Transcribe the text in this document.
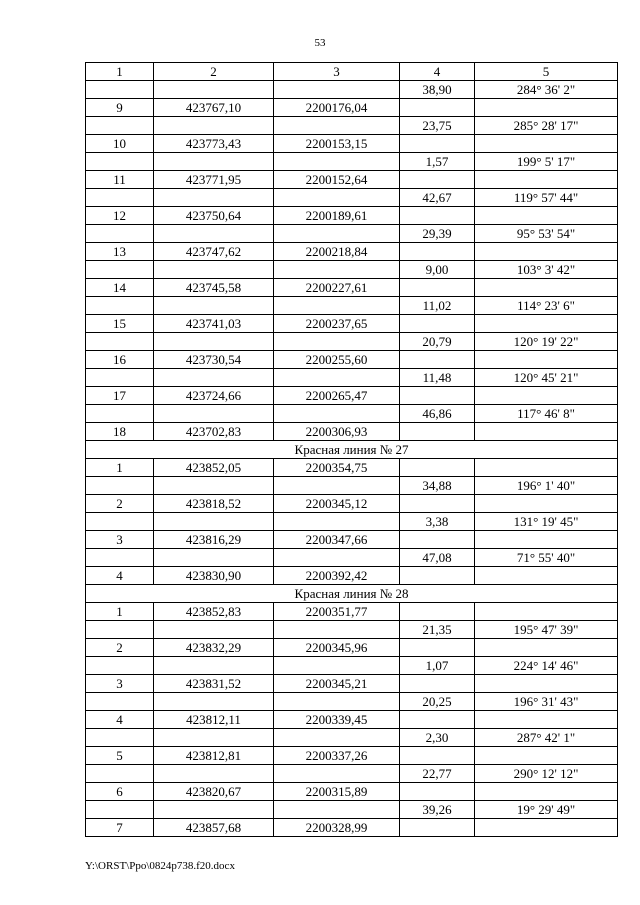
53
1	2	3	4	5
			38,90	284° 36' 2"
9	423767,10	2200176,04		
			23,75	285° 28' 17"
10	423773,43	2200153,15		
			1,57	199° 5' 17"
11	423771,95	2200152,64		
			42,67	119° 57' 44"
12	423750,64	2200189,61		
			29,39	95° 53' 54"
13	423747,62	2200218,84		
			9,00	103° 3' 42"
14	423745,58	2200227,61		
			11,02	114° 23' 6"
15	423741,03	2200237,65		
			20,79	120° 19' 22"
16	423730,54	2200255,60		
			11,48	120° 45' 21"
17	423724,66	2200265,47		
			46,86	117° 46' 8"
18	423702,83	2200306,93		
Красная линия № 27				
1	423852,05	2200354,75		
			34,88	196° 1' 40"
2	423818,52	2200345,12		
			3,38	131° 19' 45"
3	423816,29	2200347,66		
			47,08	71° 55' 40"
4	423830,90	2200392,42		
Красная линия № 28				
1	423852,83	2200351,77		
			21,35	195° 47' 39"
2	423832,29	2200345,96		
			1,07	224° 14' 46"
3	423831,52	2200345,21		
			20,25	196° 31' 43"
4	423812,11	2200339,45		
			2,30	287° 42' 1"
5	423812,81	2200337,26		
			22,77	290° 12' 12"
6	423820,67	2200315,89		
			39,26	19° 29' 49"
7	423857,68	2200328,99		
Y:\ORST\Ppo\0824p738.f20.docx
